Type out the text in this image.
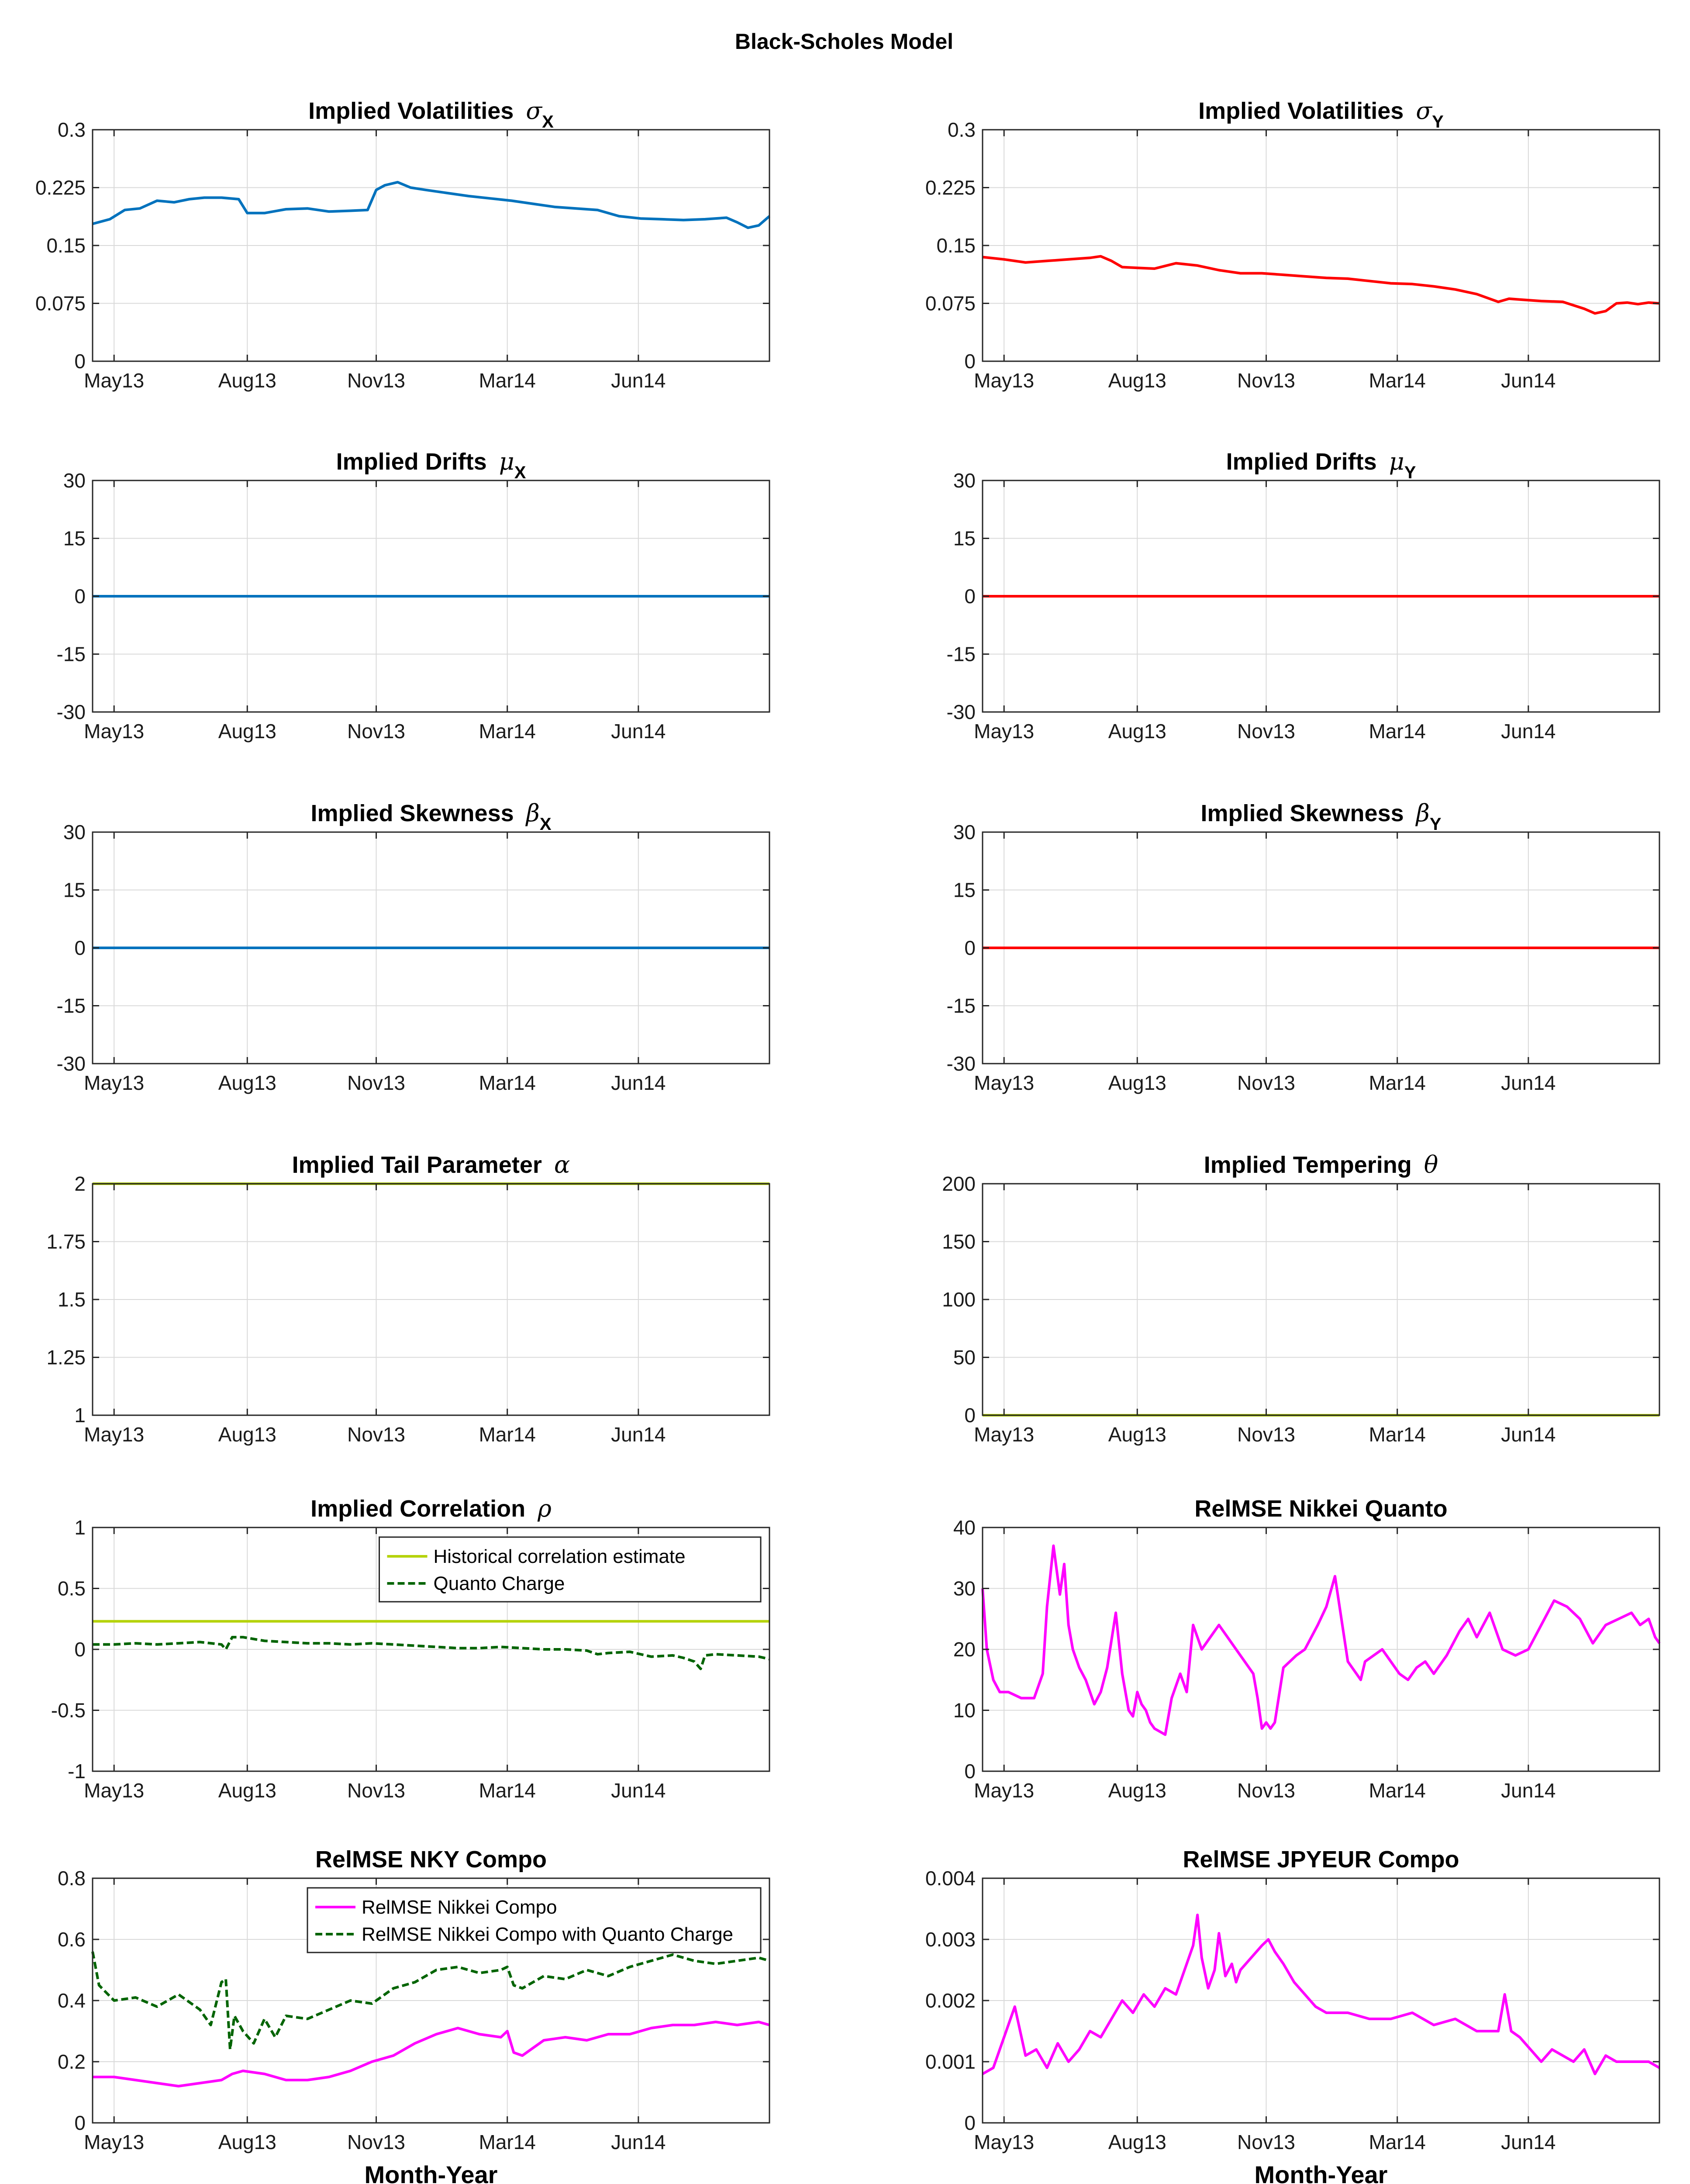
Black-Scholes Model
0
0.075
0.15
0.225
0.3
May13	Aug13	Nov13	Mar14	Jun14
Implied Volatilities $\sigma_X$
0
0.075
0.15
0.225
0.3
May13	Aug13	Nov13	Mar14	Jun14
Implied Volatilities $\sigma_Y$
-30
-15
0
15
30
May13	Aug13	Nov13	Mar14	Jun14
Implied Drifts $\mu_X$
-30
-15
0
15
30
May13	Aug13	Nov13	Mar14	Jun14
Implied Drifts $\mu_Y$
-30
-15
0
15
30
May13	Aug13	Nov13	Mar14	Jun14
Implied Skewness $\beta_X$
-30
-15
0
15
30
May13	Aug13	Nov13	Mar14	Jun14
Implied Skewness $\beta_Y$
1
1.25
1.5
1.75
2
May13	Aug13	Nov13	Mar14	Jun14
Implied Tail Parameter α
0
50
100
150
200
May13	Aug13	Nov13	Mar14	Jun14
Implied Tempering θ
-1
-0.5
0
0.5
1
May13	Aug13	Nov13	Mar14	Jun14
Implied Correlation ρ
Historical correlation estimate
Quanto Charge
0
10
20
30
40
May13	Aug13	Nov13	Mar14	Jun14
RelMSE Nikkei Quanto
0
0.2
0.4
0.6
0.8
May13	Aug13	Nov13	Mar14	Jun14
RelMSE NKY Compo
Month-Year
RelMSE Nikkei Compo
RelMSE Nikkei Compo with Quanto Charge
0
0.001
0.002
0.003
0.004
May13	Aug13	Nov13	Mar14	Jun14
RelMSE JPYEUR Compo
Month-Year
